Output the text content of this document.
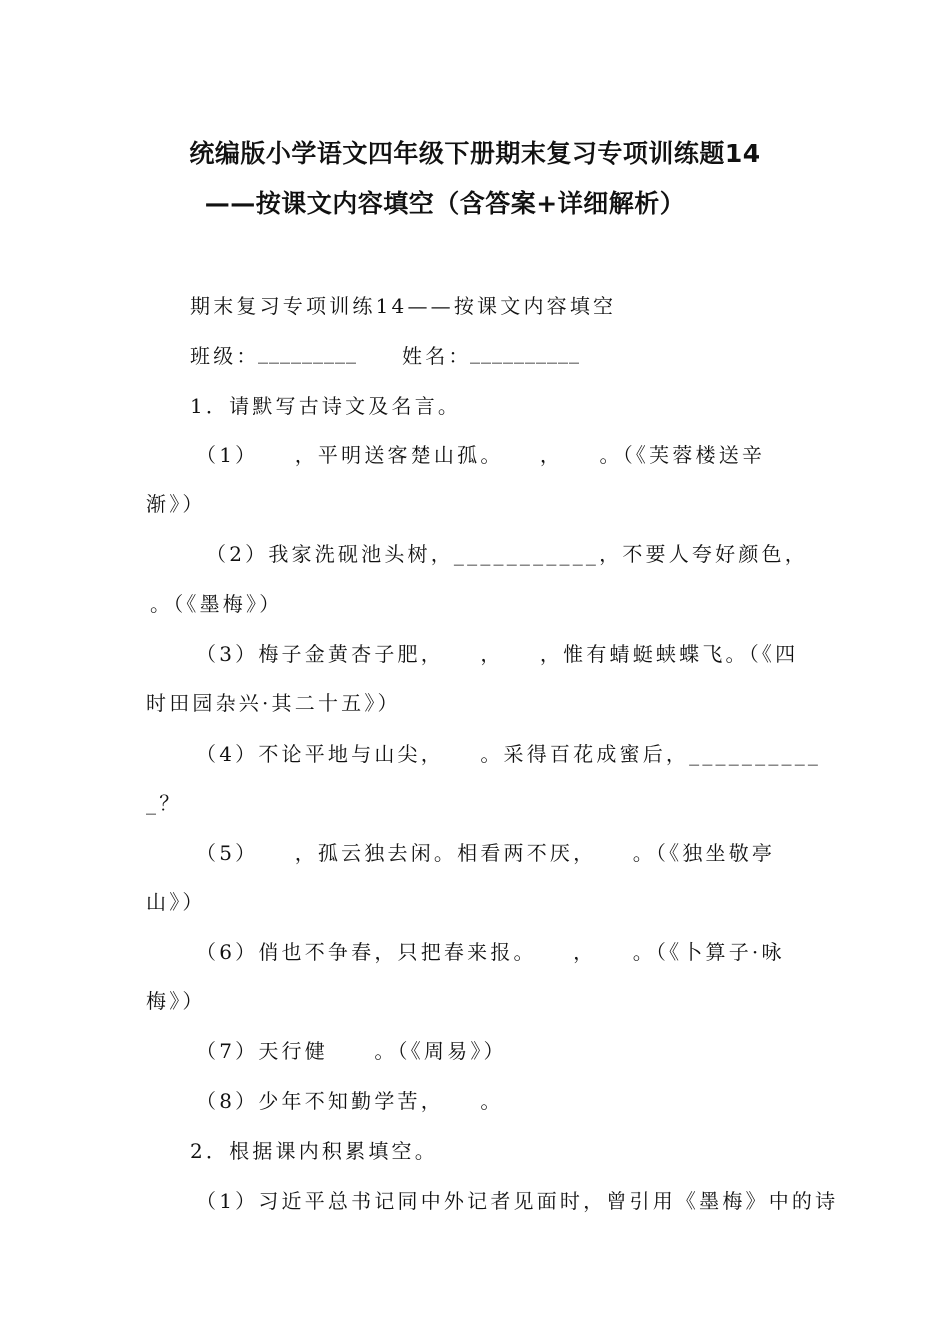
统编版小学语文四年级下册期末复习专项训练题14
——按课文内容填空（含答案+详细解析）
期末复习专项训练14——按课文内容填空
班级：
_________ 姓名：
__________
1．请默写古诗文及名言。
（1）　　，平明送客楚山孤。　　，　　。（《芙蓉楼送辛
渐》）
（2）我家洗砚池头树，___________，不要人夸好颜色，
。（《墨梅》）
（3）梅子金黄杏子肥，　　，　　，惟有蜻蜓蛱蝶飞。（《四
时田园杂兴·其二十五》）
（4）不论平地与山尖，　　。采得百花成蜜后，__________
_？
（5）　　，孤云独去闲。相看两不厌，　　。（《独坐敬亭
山》）
（6）俏也不争春，只把春来报。　　，　　。（《卜算子·咏
梅》）
（7）天行健　　。（《周易》）
（8）少年不知勤学苦，　　。
2．根据课内积累填空。
（1）习近平总书记同中外记者见面时，曾引用《墨梅》中的诗
